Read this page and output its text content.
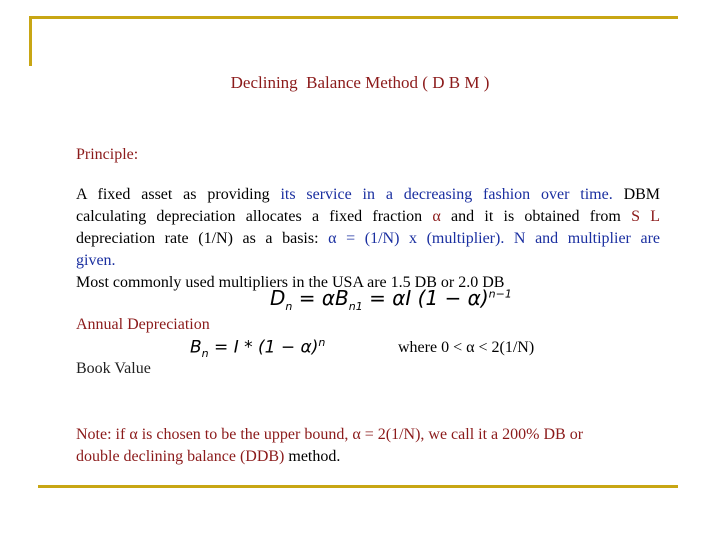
Declining  Balance Method ( D B M )
Principle:
A fixed asset as providing its service in a decreasing fashion over time. DBM
calculating depreciation allocates a fixed fraction α and it is obtained from S L
depreciation rate (1/N) as a basis: α = (1/N) x (multiplier). N and multiplier are
given.
Most commonly used multipliers in the USA are 1.5 DB or 2.0 DB
$D_n = \alpha B_{n1} = \alpha I$ $(1 - \alpha)^{n-1}$
Annual Depreciation
$B_n = I * (1 - \alpha)^n$	where 0 < α < 2(1/N)
Book Value
Note: if α is chosen to be the upper bound, α = 2(1/N), we call it a 200% DB or
double declining balance (DDB) method.
